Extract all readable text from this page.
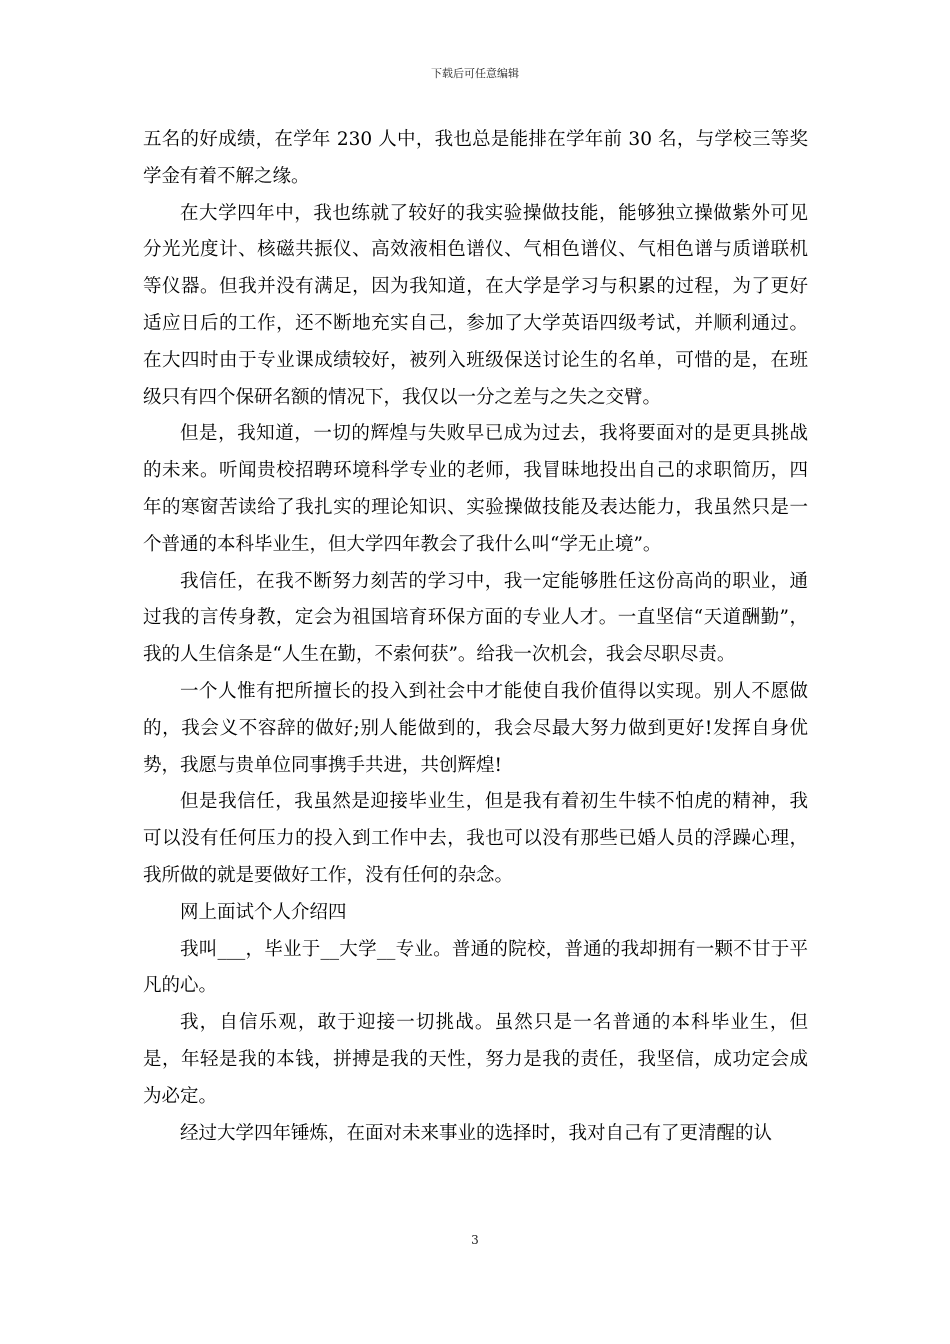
下载后可任意编辑

五名的好成绩，在学年 230 人中，我也总是能排在学年前 30 名，与学校三等奖学金有着不解之缘。

在大学四年中，我也练就了较好的我实验操做技能，能够独立操做紫外可见分光光度计、核磁共振仪、高效液相色谱仪、气相色谱仪、气相色谱与质谱联机等仪器。但我并没有满足，因为我知道，在大学是学习与积累的过程，为了更好适应日后的工作，还不断地充实自己，参加了大学英语四级考试，并顺利通过。在大四时由于专业课成绩较好，被列入班级保送讨论生的名单，可惜的是，在班级只有四个保研名额的情况下，我仅以一分之差与之失之交臂。

但是，我知道，一切的辉煌与失败早已成为过去，我将要面对的是更具挑战的未来。听闻贵校招聘环境科学专业的老师，我冒昧地投出自己的求职简历，四年的寒窗苦读给了我扎实的理论知识、实验操做技能及表达能力，我虽然只是一个普通的本科毕业生，但大学四年教会了我什么叫“学无止境”。

我信任，在我不断努力刻苦的学习中，我一定能够胜任这份高尚的职业，通过我的言传身教，定会为祖国培育环保方面的专业人才。一直坚信“天道酬勤”，我的人生信条是“人生在勤，不索何获”。给我一次机会，我会尽职尽责。

一个人惟有把所擅长的投入到社会中才能使自我价值得以实现。别人不愿做的，我会义不容辞的做好;别人能做到的，我会尽最大努力做到更好!发挥自身优势，我愿与贵单位同事携手共进，共创辉煌!

但是我信任，我虽然是迎接毕业生，但是我有着初生牛犊不怕虎的精神，我可以没有任何压力的投入到工作中去，我也可以没有那些已婚人员的浮躁心理，我所做的就是要做好工作，没有任何的杂念。

网上面试个人介绍四

我叫___，毕业于__大学__专业。普通的院校，普通的我却拥有一颗不甘于平凡的心。

我，自信乐观，敢于迎接一切挑战。虽然只是一名普通的本科毕业生，但是，年轻是我的本钱，拼搏是我的天性，努力是我的责任，我坚信，成功定会成为必定。

经过大学四年锤炼，在面对未来事业的选择时，我对自己有了更清醒的认

3
